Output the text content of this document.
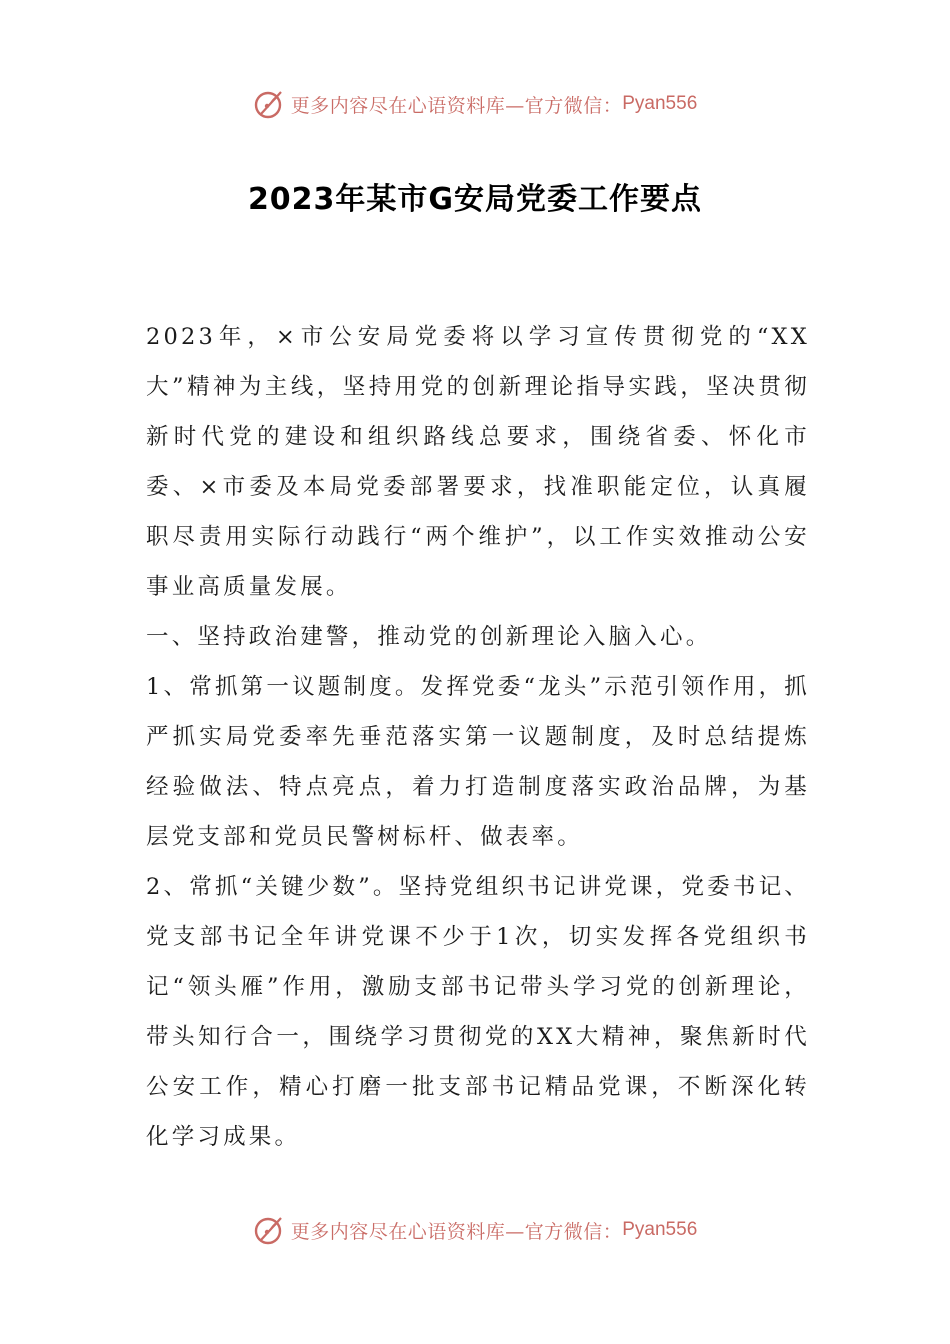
更多内容尽在心语资料库—官方微信： Pyan556
2023年某市G安局党委工作要点

2023年，×市公安局党委将以学习宣传贯彻党的“XX大”精神为主线，坚持用党的创新理论指导实践，坚决贯彻新时代党的建设和组织路线总要求，围绕省委、怀化市委、×市委及本局党委部署要求，找准职能定位，认真履职尽责用实际行动践行“两个维护”，以工作实效推动公安事业高质量发展。

一、坚持政治建警，推动党的创新理论入脑入心。

1、常抓第一议题制度。发挥党委“龙头”示范引领作用，抓严抓实局党委率先垂范落实第一议题制度，及时总结提炼经验做法、特点亮点，着力打造制度落实政治品牌，为基层党支部和党员民警树标杆、做表率。

2、常抓“关键少数”。坚持党组织书记讲党课，党委书记、党支部书记全年讲党课不少于1次，切实发挥各党组织书记“领头雁”作用，激励支部书记带头学习党的创新理论，带头知行合一，围绕学习贯彻党的XX大精神，聚焦新时代公安工作，精心打磨一批支部书记精品党课，不断深化转化学习成果。

更多内容尽在心语资料库—官方微信： Pyan556
